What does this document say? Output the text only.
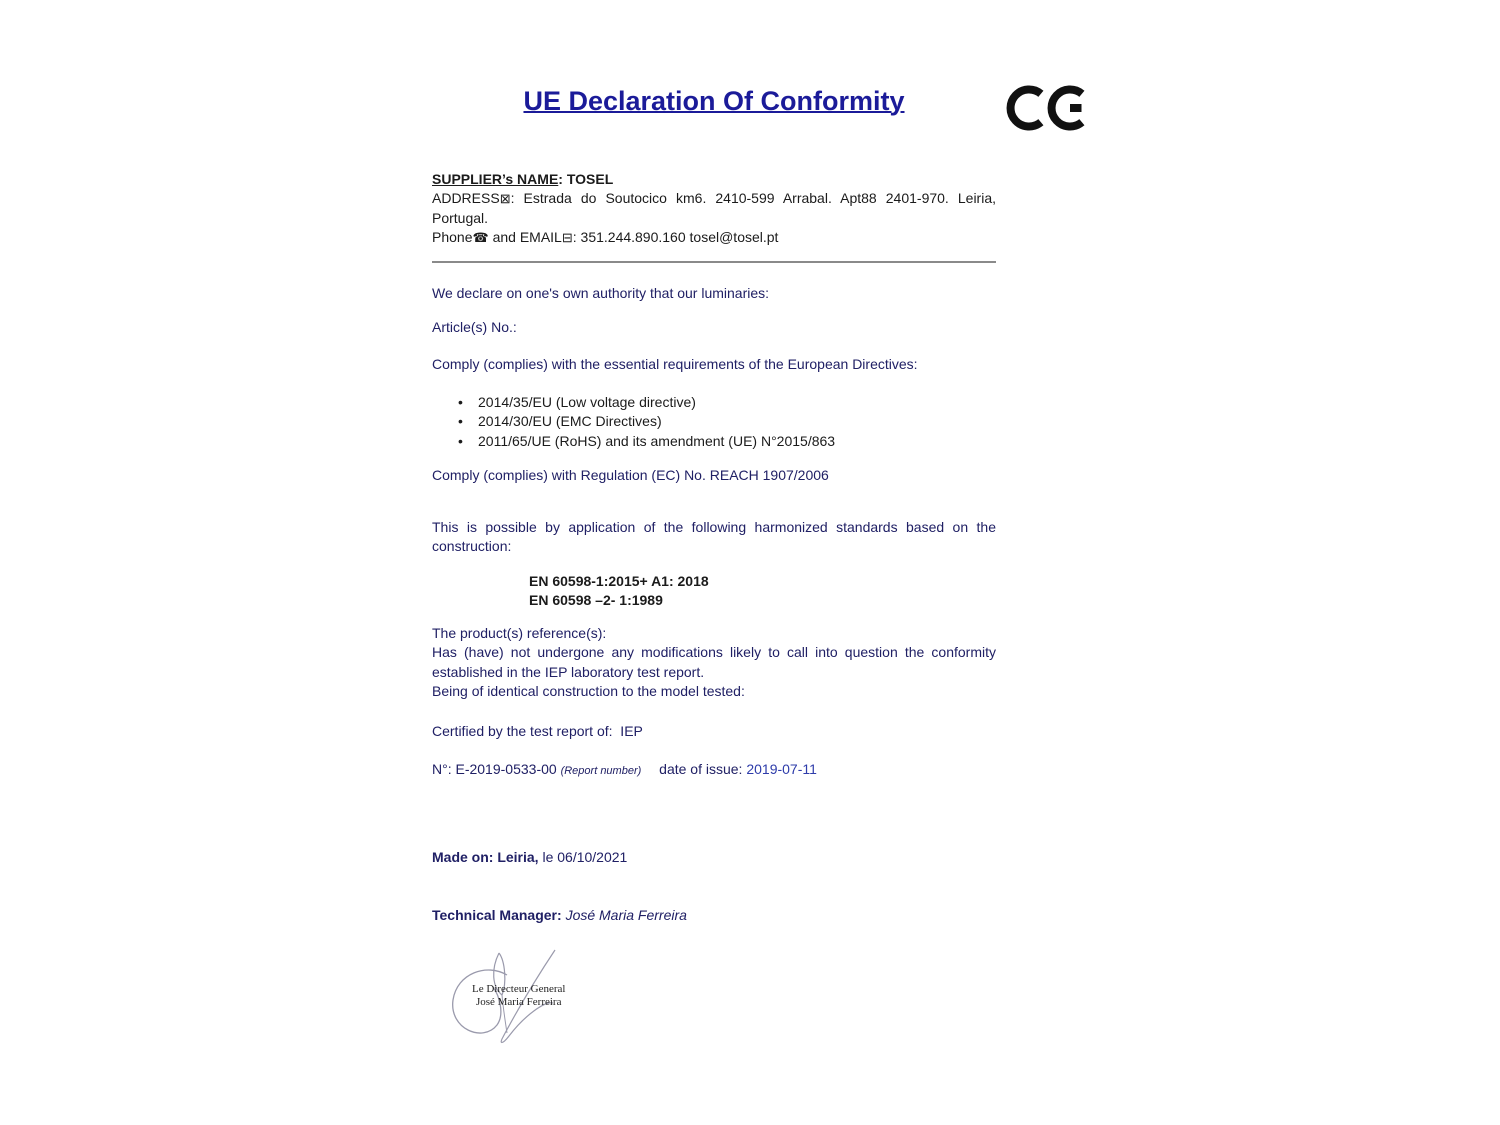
UE Declaration Of Conformity
SUPPLIER’s NAME: TOSEL
ADDRESS⊠: Estrada do Soutocico km6. 2410-599 Arrabal. Apt88 2401-970. Leiria, Portugal.
Phone☎ and EMAIL⊟: 351.244.890.160 tosel@tosel.pt
We declare on one's own authority that our luminaries:
Article(s) No.:
Comply (complies) with the essential requirements of the European Directives:
• 2014/35/EU (Low voltage directive)
• 2014/30/EU (EMC Directives)
• 2011/65/UE (RoHS) and its amendment (UE) N°2015/863
Comply (complies) with Regulation (EC) No. REACH 1907/2006
This is possible by application of the following harmonized standards based on the construction:
EN 60598-1:2015+ A1: 2018
EN 60598 –2- 1:1989
The product(s) reference(s):
Has (have) not undergone any modifications likely to call into question the conformity established in the IEP laboratory test report.
Being of identical construction to the model tested:
Certified by the test report of:  IEP
N°: E-2019-0533-00 (Report number) date of issue: 2019-07-11
Made on: Leiria, le 06/10/2021
Technical Manager: José Maria Ferreira
Le Directeur General
José Maria Ferreira
